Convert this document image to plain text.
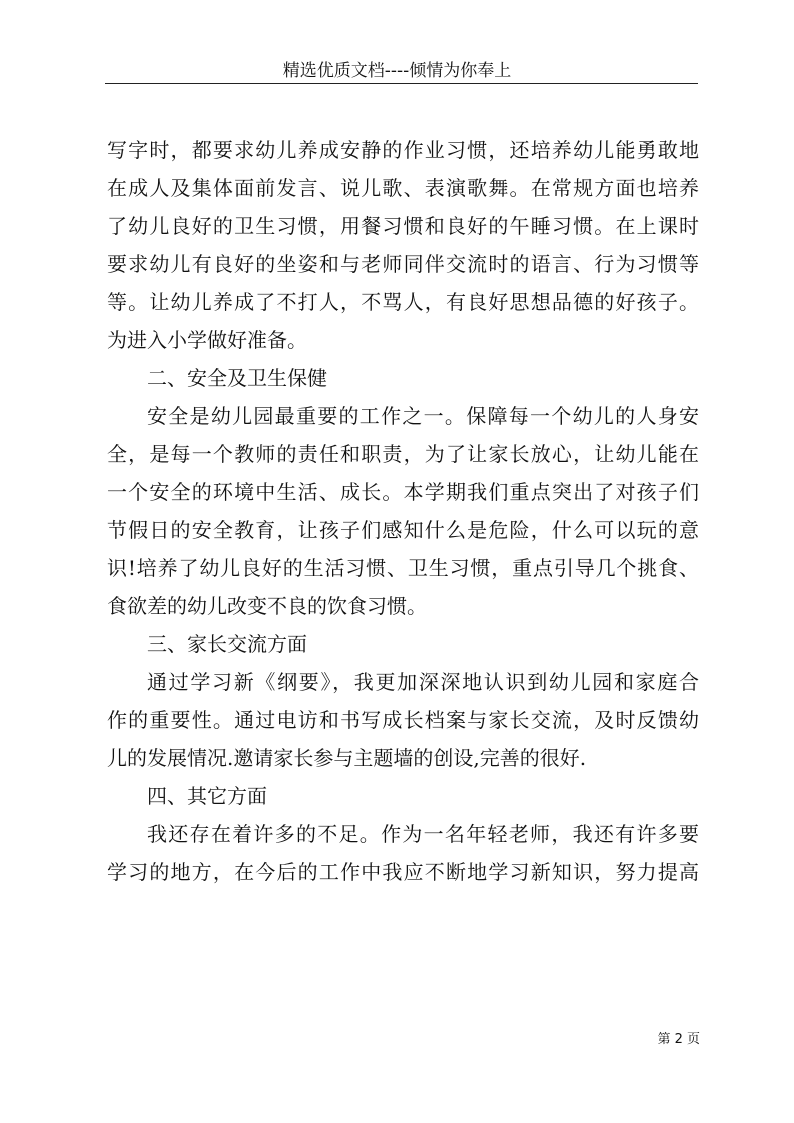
精选优质文档----倾情为你奉上
写字时，都要求幼儿养成安静的作业习惯，还培养幼儿能勇敢地
在成人及集体面前发言、说儿歌、表演歌舞。在常规方面也培养
了幼儿良好的卫生习惯，用餐习惯和良好的午睡习惯。在上课时
要求幼儿有良好的坐姿和与老师同伴交流时的语言、行为习惯等
等。让幼儿养成了不打人，不骂人，有良好思想品德的好孩子。
为进入小学做好准备。
二、安全及卫生保健
安全是幼儿园最重要的工作之一。保障每一个幼儿的人身安
全，是每一个教师的责任和职责，为了让家长放心，让幼儿能在
一个安全的环境中生活、成长。本学期我们重点突出了对孩子们
节假日的安全教育，让孩子们感知什么是危险，什么可以玩的意
识!培养了幼儿良好的生活习惯、卫生习惯，重点引导几个挑食、
食欲差的幼儿改变不良的饮食习惯。
三、家长交流方面
通过学习新《纲要》，我更加深深地认识到幼儿园和家庭合
作的重要性。通过电访和书写成长档案与家长交流，及时反馈幼
儿的发展情况.邀请家长参与主题墙的创设,完善的很好.
四、其它方面
我还存在着许多的不足。作为一名年轻老师，我还有许多要
学习的地方，在今后的工作中我应不断地学习新知识，努力提高
第 2 页
